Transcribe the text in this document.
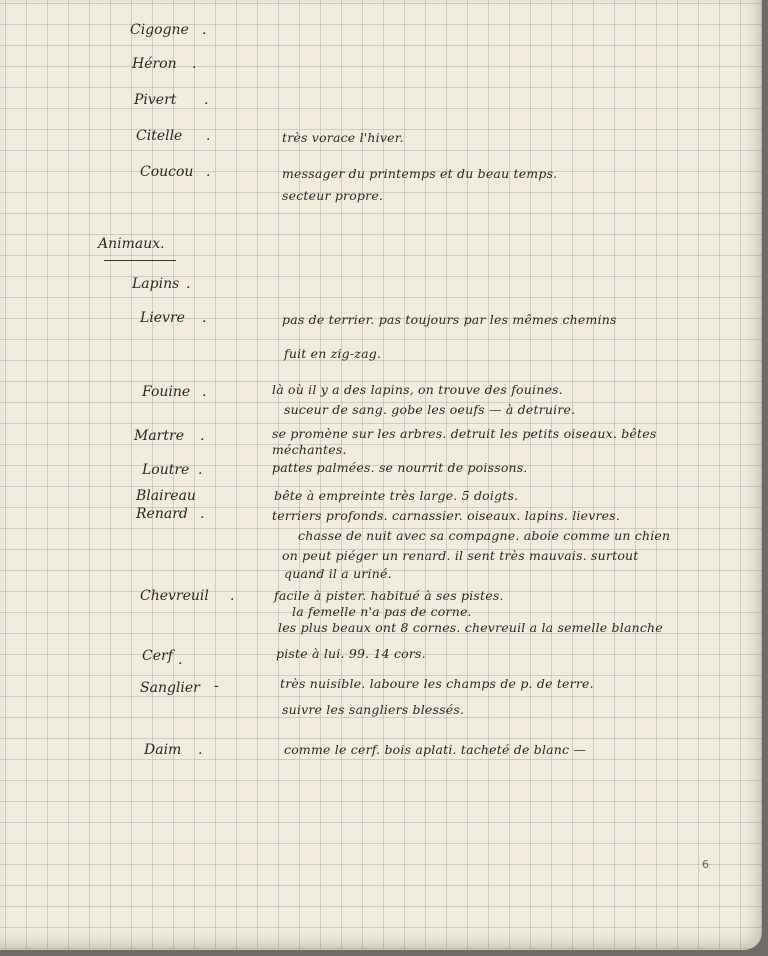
Cigogne .
Héron .
Pivert .
Citelle .	très vorace l'hiver.
Coucou .	messager du printemps et du beau temps.
secteur propre.
Animaux.
Lapins .
Lievre .	pas de terrier. pas toujours par les mêmes chemins
fuit en zig-zag.
Fouine .	là où il y a des lapins, on trouve des fouines.
suceur de sang. gobe les oeufs — à detruire.
Martre .	se promène sur les arbres. detruit les petits oiseaux. bêtes
méchantes.
Loutre .	pattes palmées. se nourrit de poissons.
Blaireau	bête à empreinte très large. 5 doigts.
Renard .	terriers profonds. carnassier. oiseaux. lapins. lievres.
chasse de nuit avec sa compagne. aboie comme un chien
on peut piéger un renard. il sent très mauvais. surtout
quand il a uriné.
Chevreuil .	facile à pister. habitué à ses pistes.
la femelle n'a pas de corne.
les plus beaux ont 8 cornes. chevreuil a la semelle blanche
Cerf .	piste à lui. 99. 14 cors.
Sanglier -	très nuisible. laboure les champs de p. de terre.
suivre les sangliers blessés.
Daim .	comme le cerf. bois aplati. tacheté de blanc —
6
